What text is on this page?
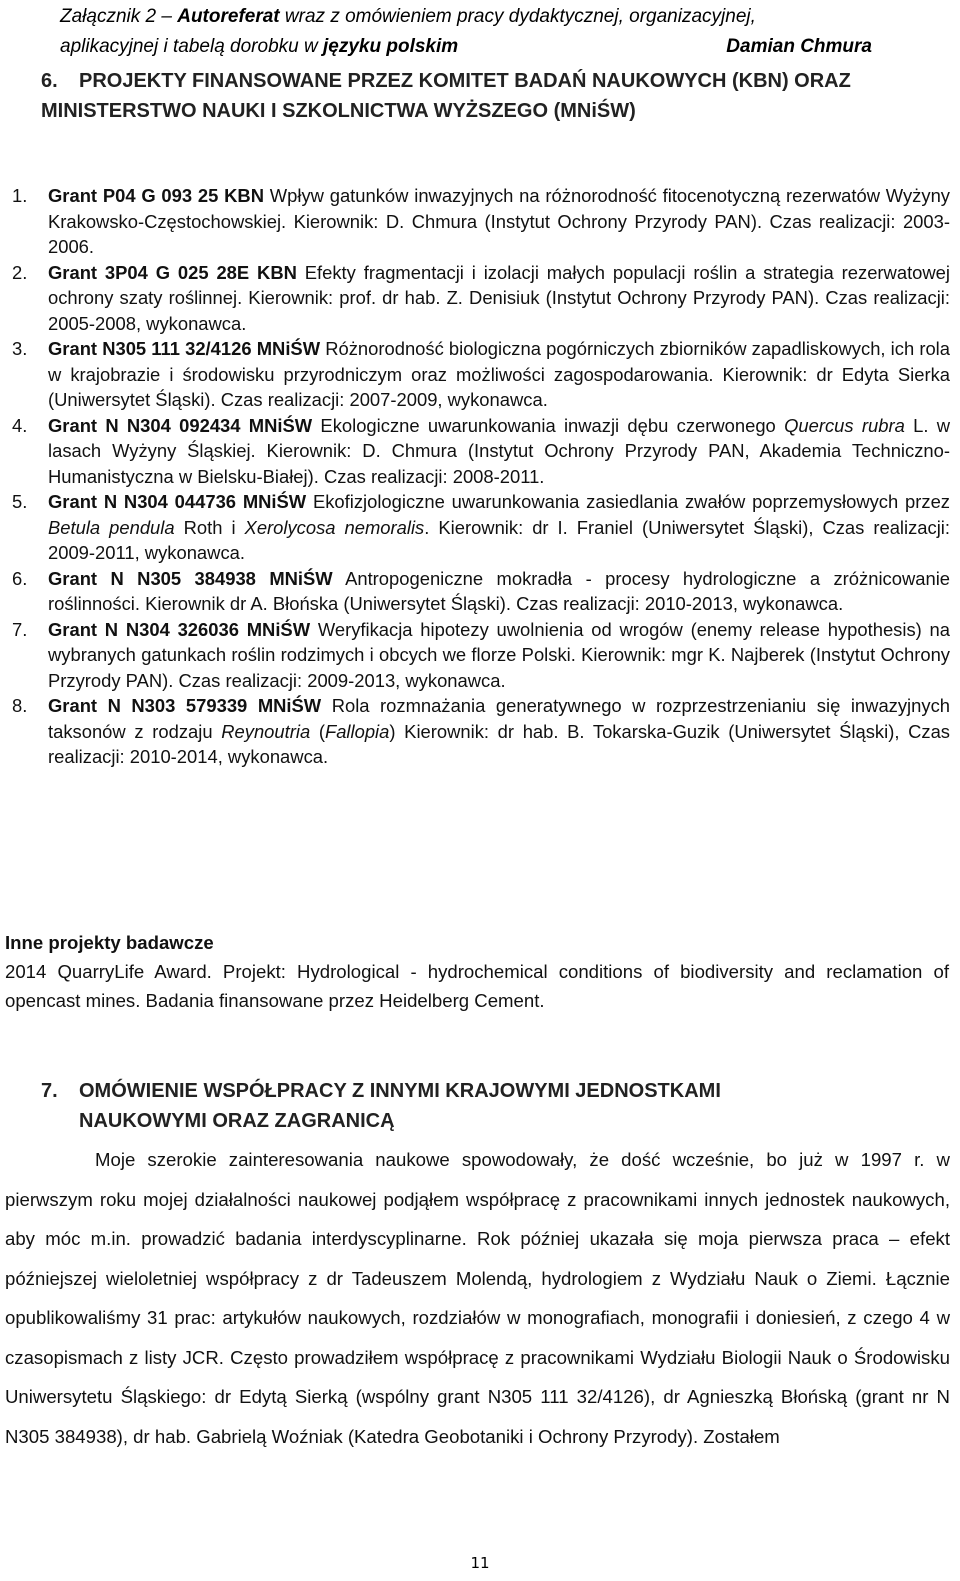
Załącznik 2 – Autoreferat wraz z omówieniem pracy dydaktycznej, organizacyjnej,
aplikacyjnej i tabelą dorobku w języku polskim	Damian Chmura
6. PROJEKTY FINANSOWANE PRZEZ KOMITET BADAŃ NAUKOWYCH (KBN) ORAZ MINISTERSTWO NAUKI I SZKOLNICTWA WYŻSZEGO (MNiŚW)
1. Grant P04 G 093 25 KBN Wpływ gatunków inwazyjnych na różnorodność fitocenotyczną rezerwatów Wyżyny Krakowsko-Częstochowskiej. Kierownik: D. Chmura (Instytut Ochrony Przyrody PAN). Czas realizacji: 2003-2006.
2. Grant 3P04 G 025 28E KBN Efekty fragmentacji i izolacji małych populacji roślin a strategia rezerwatowej ochrony szaty roślinnej. Kierownik: prof. dr hab. Z. Denisiuk (Instytut Ochrony Przyrody PAN). Czas realizacji: 2005-2008, wykonawca.
3. Grant N305 111 32/4126 MNiŚW Różnorodność biologiczna pogórniczych zbiorników zapadliskowych, ich rola w krajobrazie i środowisku przyrodniczym oraz możliwości zagospodarowania. Kierownik: dr Edyta Sierka (Uniwersytet Śląski). Czas realizacji: 2007-2009, wykonawca.
4. Grant N N304 092434 MNiŚW Ekologiczne uwarunkowania inwazji dębu czerwonego Quercus rubra L. w lasach Wyżyny Śląskiej. Kierownik: D. Chmura (Instytut Ochrony Przyrody PAN, Akademia Techniczno-Humanistyczna w Bielsku-Białej). Czas realizacji: 2008-2011.
5. Grant N N304 044736 MNiŚW Ekofizjologiczne uwarunkowania zasiedlania zwałów poprzemysłowych przez Betula pendula Roth i Xerolycosa nemoralis. Kierownik: dr I. Franiel (Uniwersytet Śląski), Czas realizacji: 2009-2011, wykonawca.
6. Grant N N305 384938 MNiŚW Antropogeniczne mokradła - procesy hydrologiczne a zróżnicowanie roślinności. Kierownik dr A. Błońska (Uniwersytet Śląski). Czas realizacji: 2010-2013, wykonawca.
7. Grant N N304 326036 MNiŚW Weryfikacja hipotezy uwolnienia od wrogów (enemy release hypothesis) na wybranych gatunkach roślin rodzimych i obcych we florze Polski. Kierownik: mgr K. Najberek (Instytut Ochrony Przyrody PAN). Czas realizacji: 2009-2013, wykonawca.
8. Grant N N303 579339 MNiŚW Rola rozmnażania generatywnego w rozprzestrzenianiu się inwazyjnych taksonów z rodzaju Reynoutria (Fallopia) Kierownik: dr hab. B. Tokarska-Guzik (Uniwersytet Śląski), Czas realizacji: 2010-2014, wykonawca.
Inne projekty badawcze

2014 QuarryLife Award. Projekt: Hydrological - hydrochemical conditions of biodiversity and reclamation of opencast mines. Badania finansowane przez Heidelberg Cement.

7. OMÓWIENIE WSPÓŁPRACY Z INNYMI KRAJOWYMI JEDNOSTKAMI
NAUKOWYMI ORAZ ZAGRANICĄ

Moje szerokie zainteresowania naukowe spowodowały, że dość wcześnie, bo już w 1997 r. w pierwszym roku mojej działalności naukowej podjąłem współpracę z pracownikami innych jednostek naukowych, aby móc m.in. prowadzić badania interdyscyplinarne. Rok później ukazała się moja pierwsza praca – efekt późniejszej wieloletniej współpracy z dr Tadeuszem Molendą, hydrologiem z Wydziału Nauk o Ziemi. Łącznie opublikowaliśmy 31 prac: artykułów naukowych, rozdziałów w monografiach, monografii i doniesień, z czego 4 w czasopismach z listy JCR. Często prowadziłem współpracę z pracownikami Wydziału Biologii Nauk o Środowisku Uniwersytetu Śląskiego: dr Edytą Sierką (wspólny grant N305 111 32/4126), dr Agnieszką Błońską (grant nr N N305 384938), dr hab. Gabrielą Woźniak (Katedra Geobotaniki i Ochrony Przyrody). Zostałem

11
